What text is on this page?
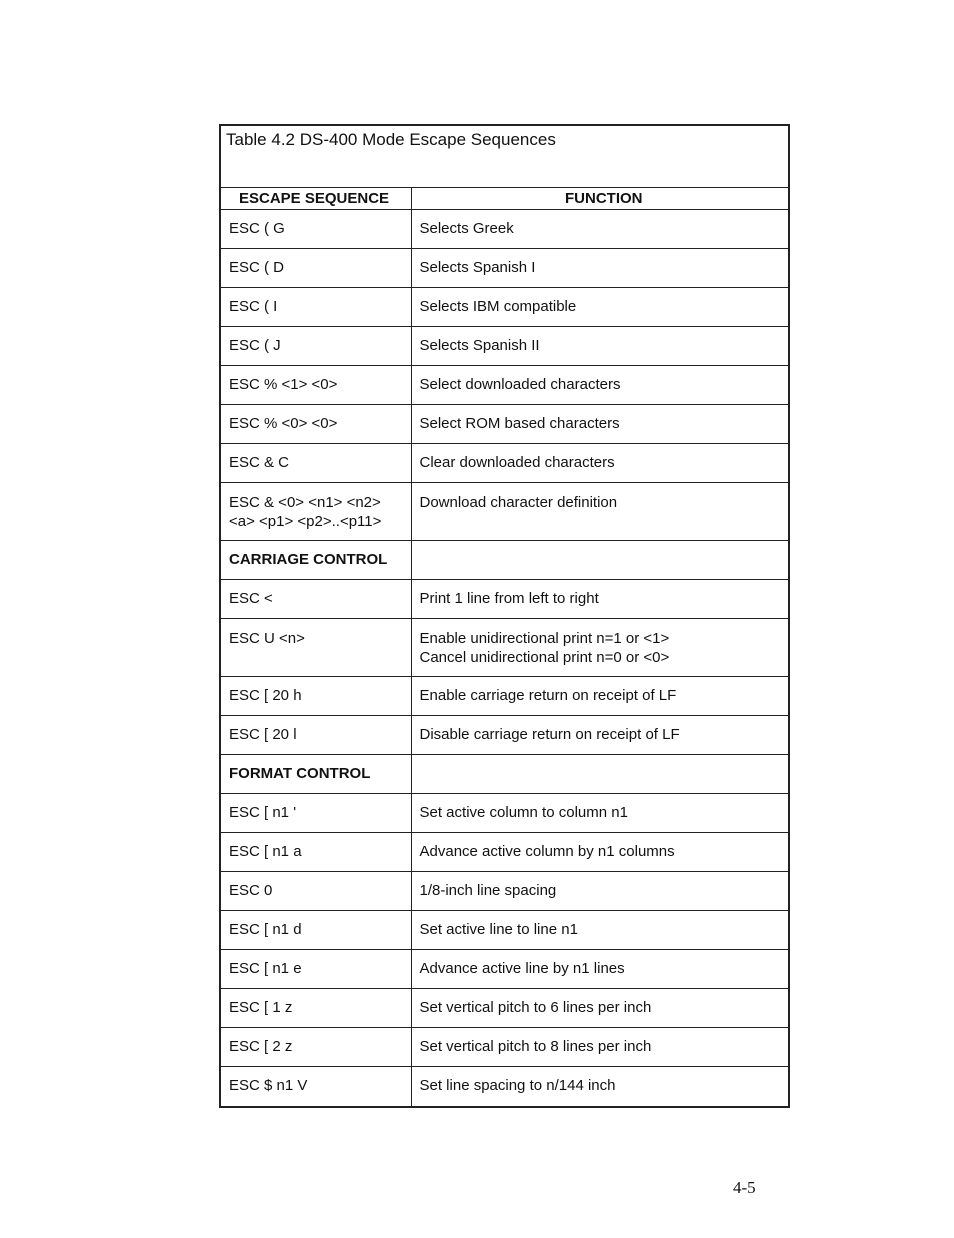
Table 4.2 DS-400 Mode Escape Sequences
ESCAPE SEQUENCE	FUNCTION
ESC ( G	Selects Greek
ESC ( D	Selects Spanish I
ESC ( I	Selects IBM compatible
ESC ( J	Selects Spanish II
ESC % <1> <0>	Select downloaded characters
ESC % <0> <0>	Select ROM based characters
ESC & C	Clear downloaded characters

ESC & <0> <n1> <n2>
<a> <p1> <p2>..<p11>	Download character definition
CARRIAGE CONTROL	
ESC <	Print 1 line from left to right
ESC U <n>	Enable unidirectional print n=1 or <1>
Cancel unidirectional print n=0 or <0>

ESC [ 20 h	Enable carriage return on receipt of LF
ESC [ 20 l	Disable carriage return on receipt of LF
FORMAT CONTROL	
ESC [ n1 '	Set active column to column n1
ESC [ n1 a	Advance active column by n1 columns
ESC 0	1/8-inch line spacing
ESC [ n1 d	Set active line to line n1
ESC [ n1 e	Advance active line by n1 lines
ESC [ 1 z	Set vertical pitch to 6 lines per inch
ESC [ 2 z	Set vertical pitch to 8 lines per inch
ESC $ n1 V	Set line spacing to n/144 inch
4-5
